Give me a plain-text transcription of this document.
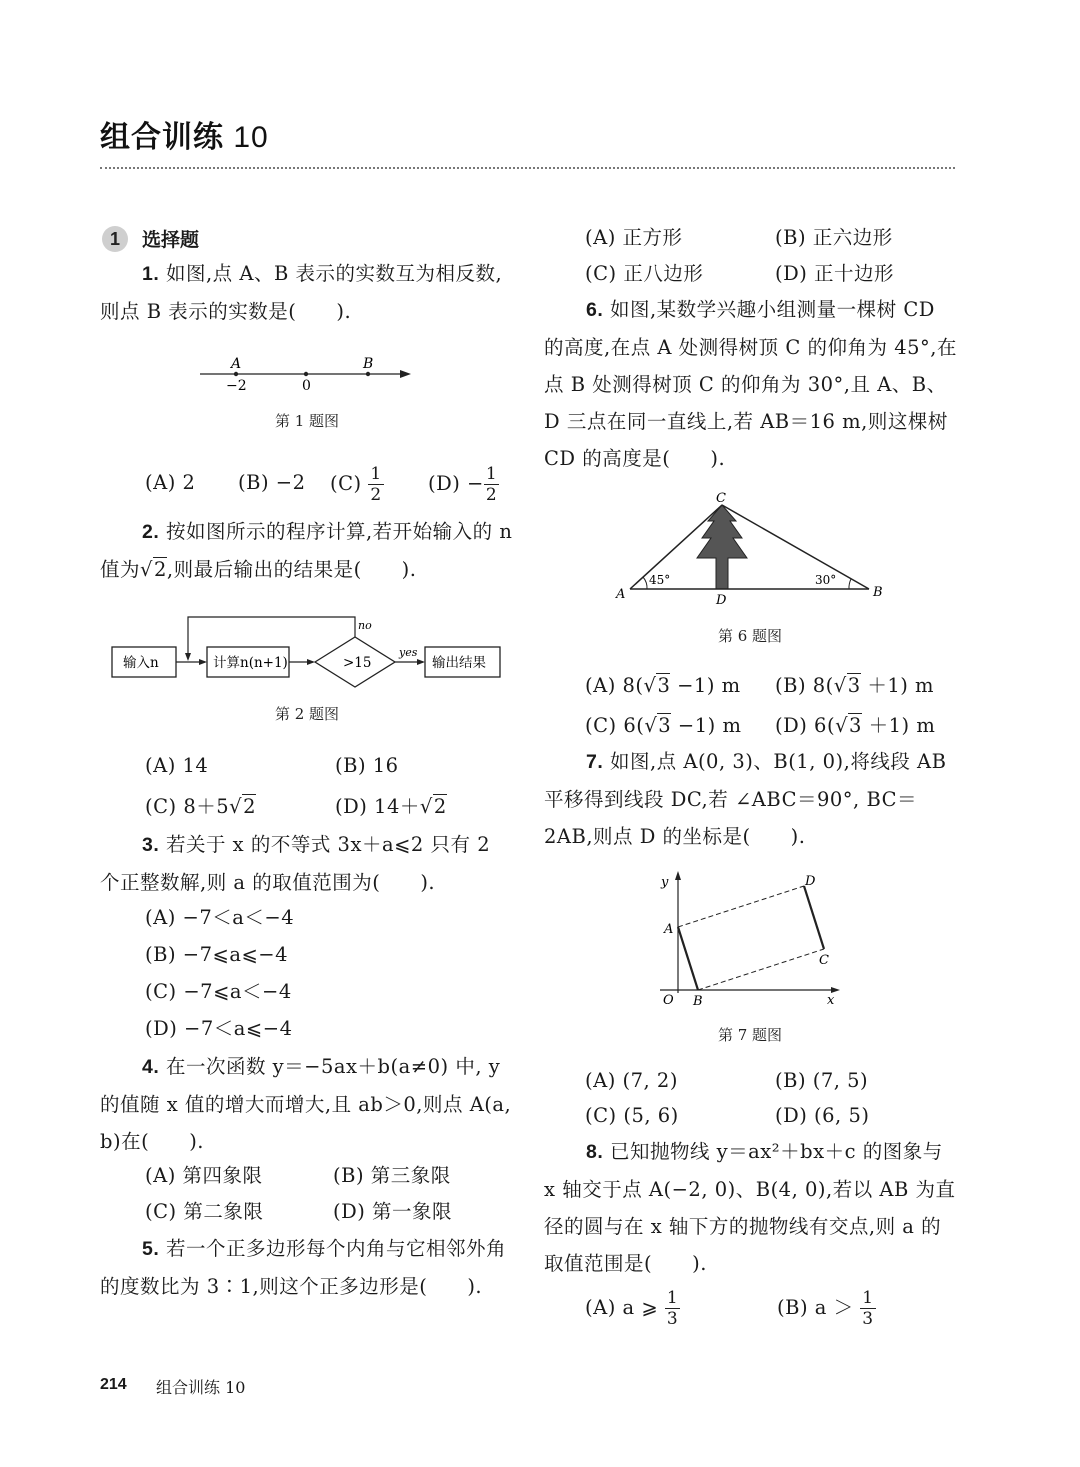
组合训练 10
1	选择题

1. 如图,点 A、B 表示的实数互为相反数,则点 B 表示的实数是(　　).

A	B
−2	0
第 1 题图
(A) 2 (B) −2 $(C) \frac{1}{2} (D) - \frac{1}{2}$

2. 按如图所示的程序计算,若开始输入的 n 值为√2,则最后输出的结果是(　　).

输入n	计算n(n+1)	>15
yes
输出结果
no
第 2 题图
(A) 14	(B) 16
(C) 8＋5√2	(D) 14＋√2

3. 若关于 x 的不等式 3x＋a⩽2 只有 2 个正整数解,则 a 的取值范围为(　　).

(A) −7＜a＜−4
(B) −7⩽a⩽−4
(C) −7⩽a＜−4
(D) −7＜a⩽−4

4. 在一次函数 y＝−5ax＋b(a≠0) 中, y 的值随 x 值的增大而增大,且 ab＞0,则点 A(a, b)在(　　).

(A) 第四象限	(B) 第三象限
(C) 第二象限	(D) 第一象限

5. 若一个正多边形每个内角与它相邻外角的度数比为 3∶1,则这个正多边形是(　　).

(A) 正方形	(B) 正六边形
(C) 正八边形	(D) 正十边形

6. 如图,某数学兴趣小组测量一棵树 CD 的高度,在点 A 处测得树顶 C 的仰角为 45°,在点 B 处测得树顶 C 的仰角为 30°,且 A、B、D 三点在同一直线上,若 AB＝16 m,则这棵树 CD 的高度是(　　).

45°	30°
C
A	D
B
第 6 题图
(A) 8(√3 −1) m (B) 8(√3 ＋1) m
(C) 6(√3 −1) m (D) 6(√3 ＋1) m

7. 如图,点 A(0, 3)、B(1, 0),将线段 AB 平移得到线段 DC,若 ∠ABC＝90°, BC＝2AB,则点 D 的坐标是(　　).

y
x
O
A
B
C
D
第 7 题图
(A) (7, 2)	(B) (7, 5)
(C) (5, 6)	(D) (6, 5)

8. 已知抛物线 y＝ax²＋bx＋c 的图象与 x 轴交于点 A(−2, 0)、B(4, 0),若以 AB 为直径的圆与在 x 轴下方的抛物线有交点,则 a 的取值范围是(　　).

(A) a ⩾ $\frac{1}{3}$	(B) $a > \frac{1}{3}$
214 组合训练 10
